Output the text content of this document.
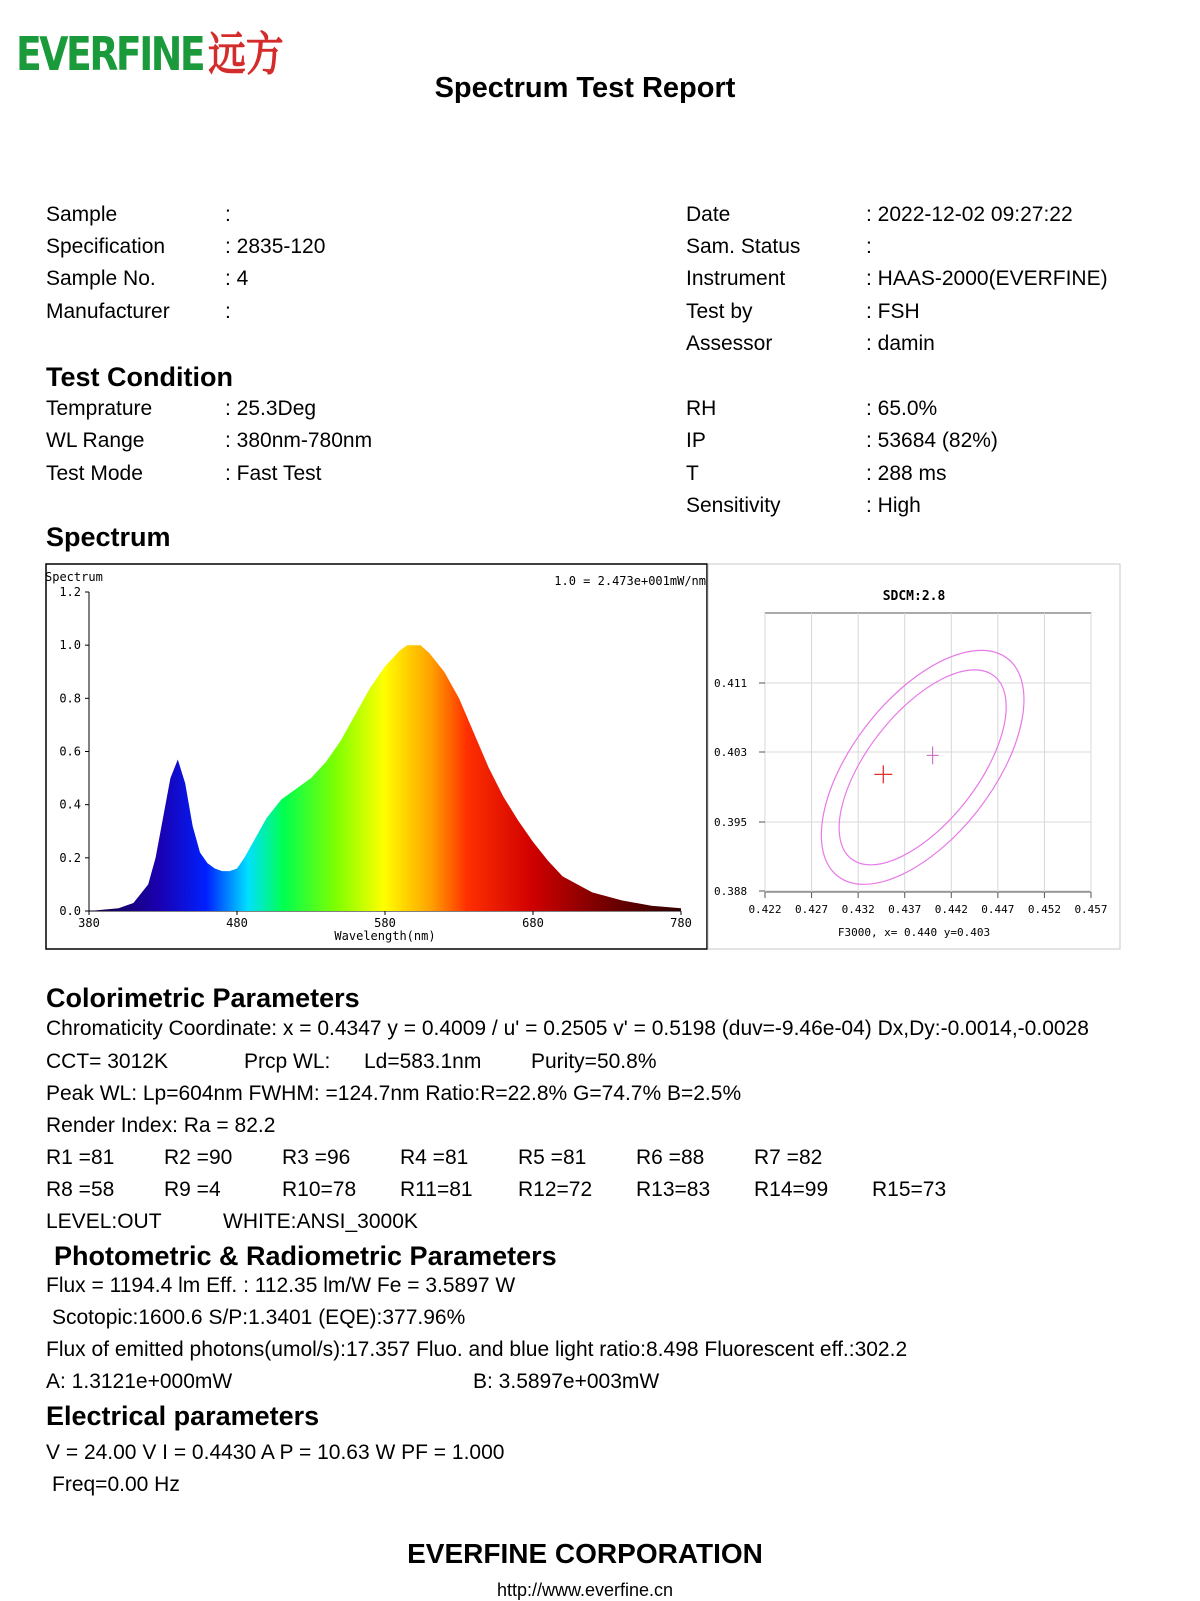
EVERFINE 远方
Spectrum Test Report
Sample	:
Specification	: 2835-120
Sample No.	: 4
Manufacturer	:
Date	: 2022-12-02 09:27:22
Sam. Status	:
Instrument	: HAAS-2000(EVERFINE)
Test by	: FSH
Assessor	: damin
Test Condition
Temprature	: 25.3Deg
WL Range	: 380nm-780nm
Test Mode	: Fast Test
RH	: 65.0%
IP	: 53684 (82%)
T	: 288 ms
Sensitivity	: High
Spectrum
Spectrum	1.0 = 2.473e+001mW/nm
1.2
1.0
0.8
0.6
0.4
0.2
0.0
380	480	580	680	780
Wavelength(nm)
SDCM:2.8
0.422 0.427 0.432 0.437 0.442 0.447 0.452 0.457
0.411
0.403
0.395
0.388
F3000, x= 0.440 y=0.403
Colorimetric Parameters
Chromaticity Coordinate: x = 0.4347 y = 0.4009 / u' = 0.2505 v' = 0.5198 (duv=-9.46e-04) Dx,Dy:-0.0014,-0.0028
CCT= 3012K	Prcp WL: Ld=583.1nm Purity=50.8%
Peak WL: Lp=604nm FWHM: =124.7nm Ratio:R=22.8% G=74.7% B=2.5%
Render Index: Ra = 82.2
R1 =81 R2 =90 R3 =96 R4 =81 R5 =81 R6 =88 R7 =82
R8 =58 R9 =4	R10=78 R11=81 R12=72 R13=83 R14=99 R15=73
LEVEL:OUT	WHITE:ANSI_3000K
Photometric & Radiometric Parameters
Flux = 1194.4 lm Eff. : 112.35 lm/W Fe = 3.5897 W
Scotopic:1600.6 S/P:1.3401 (EQE):377.96%
Flux of emitted photons(umol/s):17.357 Fluo. and blue light ratio:8.498 Fluorescent eff.:302.2
A: 1.3121e+000mW	B: 3.5897e+003mW
Electrical parameters
V = 24.00 V I = 0.4430 A P = 10.63 W PF = 1.000
Freq=0.00 Hz
EVERFINE CORPORATION
http://www.everfine.cn
